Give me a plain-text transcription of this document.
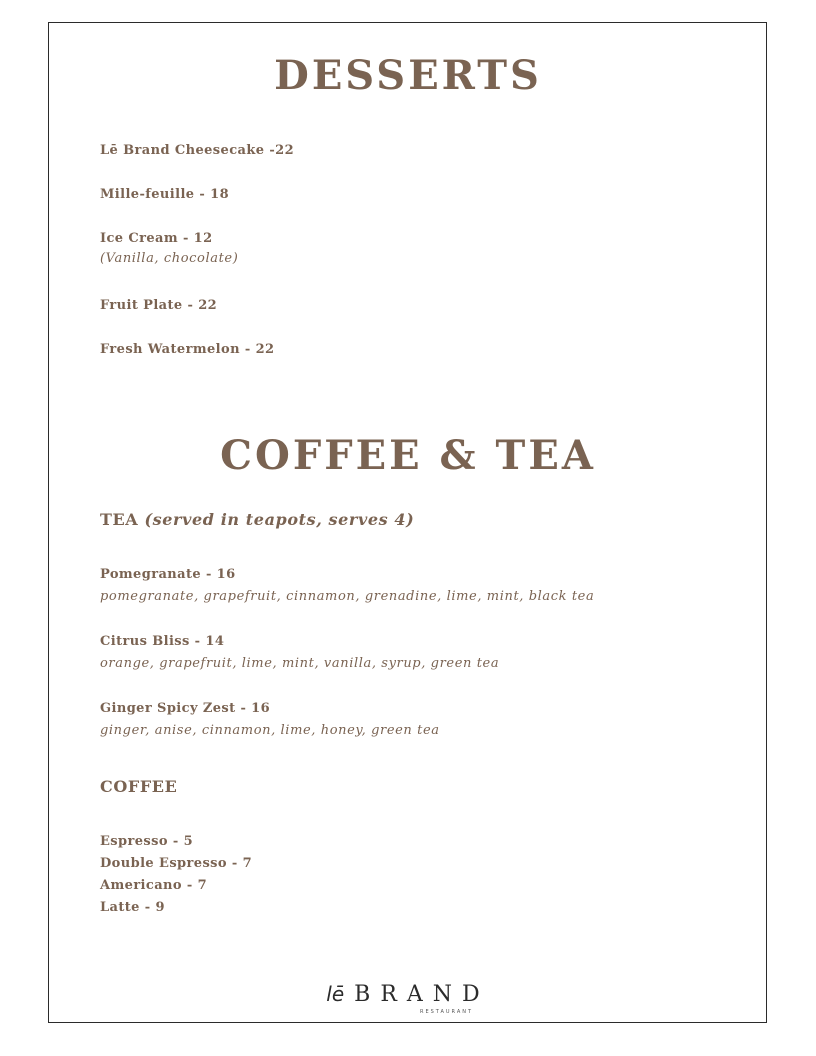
DESSERTS
Lē Brand Cheesecake -22
Mille-feuille - 18
Ice Cream - 12
(Vanilla, chocolate)
Fruit Plate - 22
Fresh Watermelon - 22
COFFEE & TEA
TEA (served in teapots, serves 4)
Pomegranate - 16
pomegranate, grapefruit, cinnamon, grenadine, lime, mint, black tea
Citrus Bliss - 14
orange, grapefruit, lime, mint, vanilla, syrup, green tea
Ginger Spicy Zest - 16
ginger, anise, cinnamon, lime, honey, green tea
COFFEE
Espresso - 5
Double Espresso - 7
Americano - 7
Latte - 9
lē BRAND
RESTAURANT
